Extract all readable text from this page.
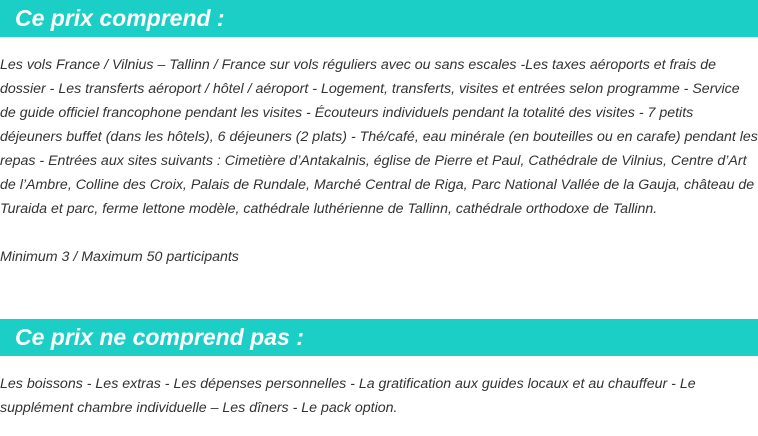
Ce prix comprend :

Les vols France / Vilnius – Tallinn / France sur vols réguliers avec ou sans escales -Les taxes aéroports et frais de dossier - Les transferts aéroport / hôtel / aéroport - Logement, transferts, visites et entrées selon programme - Service de guide officiel francophone pendant les visites - Écouteurs individuels pendant la totalité des visites - 7 petits déjeuners buffet (dans les hôtels), 6 déjeuners (2 plats) - Thé/café, eau minérale (en bouteilles ou en carafe) pendant les repas - Entrées aux sites suivants : Cimetière d’Antakalnis, église de Pierre et Paul, Cathédrale de Vilnius, Centre d’Art de l’Ambre, Colline des Croix, Palais de Rundale, Marché Central de Riga, Parc National Vallée de la Gauja, château de Turaida et parc, ferme lettone modèle, cathédrale luthérienne de Tallinn, cathédrale orthodoxe de Tallinn.

Minimum 3 / Maximum 50 participants

Ce prix ne comprend pas :

Les boissons - Les extras - Les dépenses personnelles - La gratification aux guides locaux et au chauffeur - Le supplément chambre individuelle – Les dîners - Le pack option.
